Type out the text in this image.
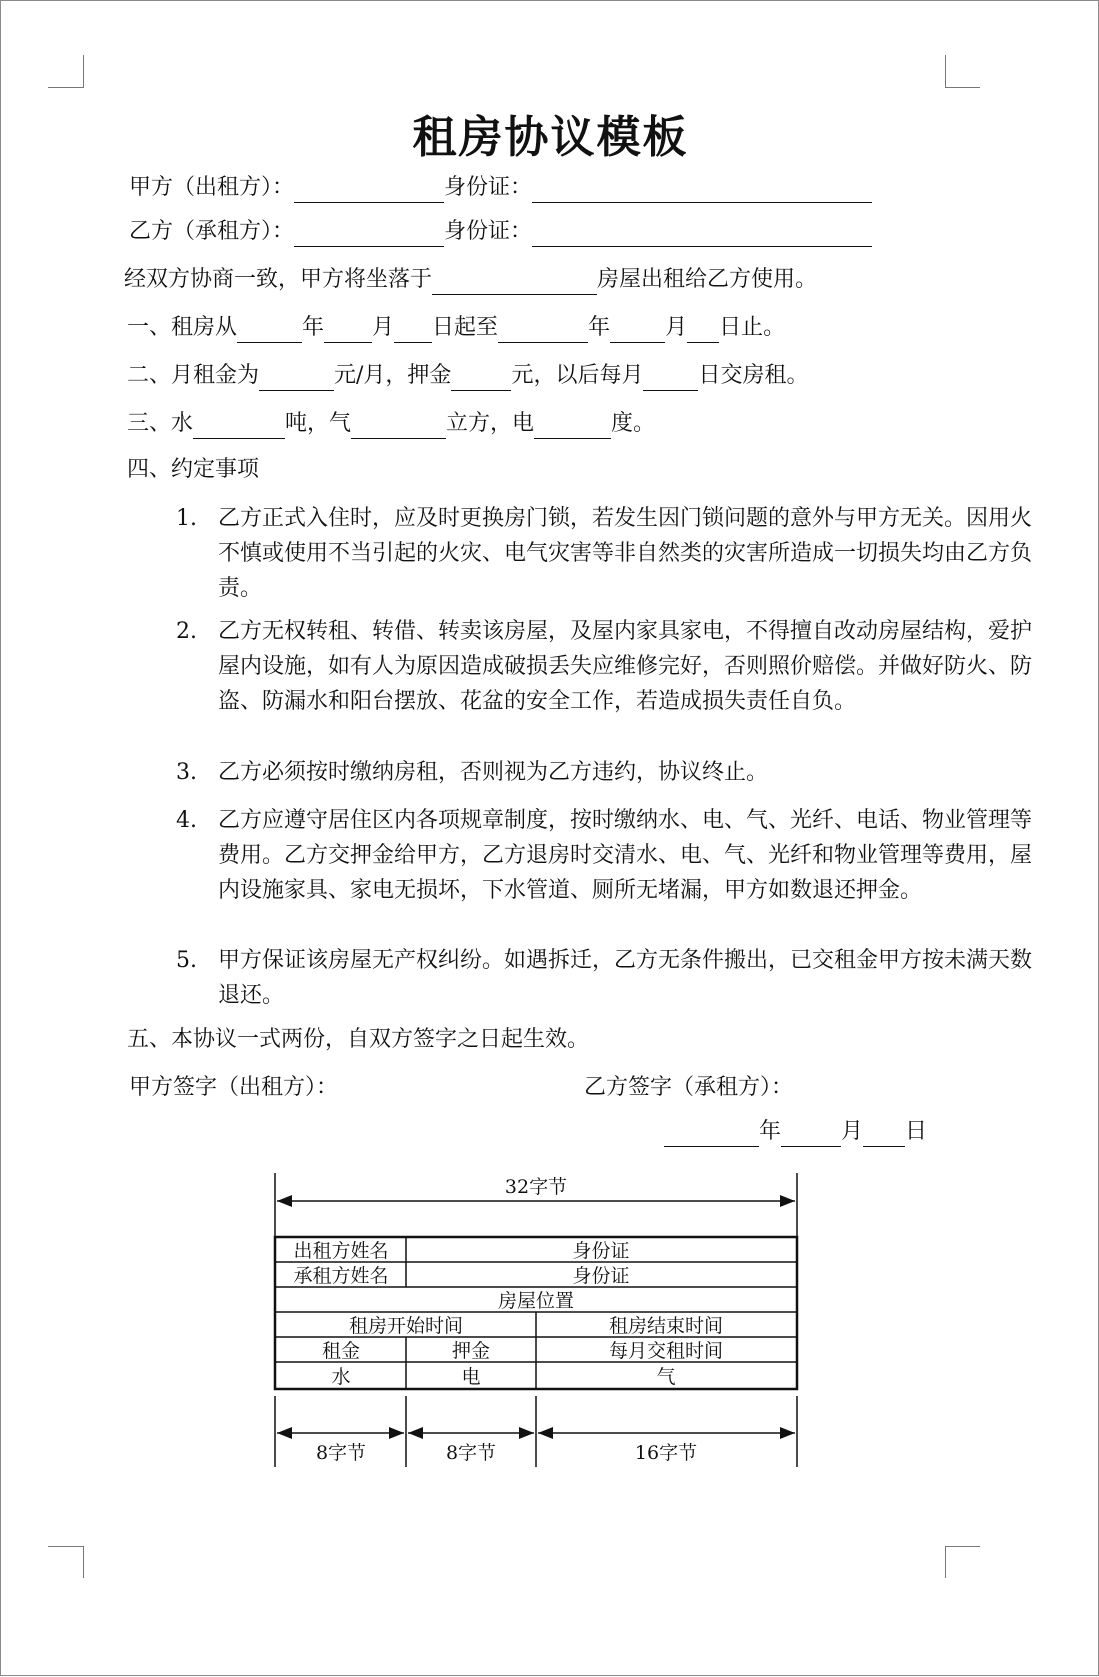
租房协议模板
甲方（出租方）：	身份证：
乙方（承租方）：	身份证：
经双方协商一致，甲方将坐落于	房屋出租给乙方使用。
一、租房从	年 月 日起至	年	月 日止。
二、月租金为	元/月，押金	元，以后每月	日交房租。
三、水	吨，气	立方，电	度。
四、约定事项
1. 乙方正式入住时，应及时更换房门锁，若发生因门锁问题的意外与甲方无关。因用火不慎或使用不当引起的火灾、电气灾害等非自然类的灾害所造成一切损失均由乙方负责。
2. 乙方无权转租、转借、转卖该房屋，及屋内家具家电，不得擅自改动房屋结构，爱护屋内设施，如有人为原因造成破损丢失应维修完好，否则照价赔偿。并做好防火、防盗、防漏水和阳台摆放、花盆的安全工作，若造成损失责任自负。
3. 乙方必须按时缴纳房租，否则视为乙方违约，协议终止。
4. 乙方应遵守居住区内各项规章制度，按时缴纳水、电、气、光纤、电话、物业管理等费用。乙方交押金给甲方，乙方退房时交清水、电、气、光纤和物业管理等费用，屋内设施家具、家电无损坏，下水管道、厕所无堵漏，甲方如数退还押金。
5. 甲方保证该房屋无产权纠纷。如遇拆迁，乙方无条件搬出，已交租金甲方按未满天数退还。
五、本协议一式两份，自双方签字之日起生效。
甲方签字（出租方）：	乙方签字（承租方）：
年	月 日
32字节
出租方姓名	身份证
承租方姓名	身份证
房屋位置
租房开始时间	租房结束时间
租金	押金	每月交租时间
水	电	气
8字节	8字节	16字节
